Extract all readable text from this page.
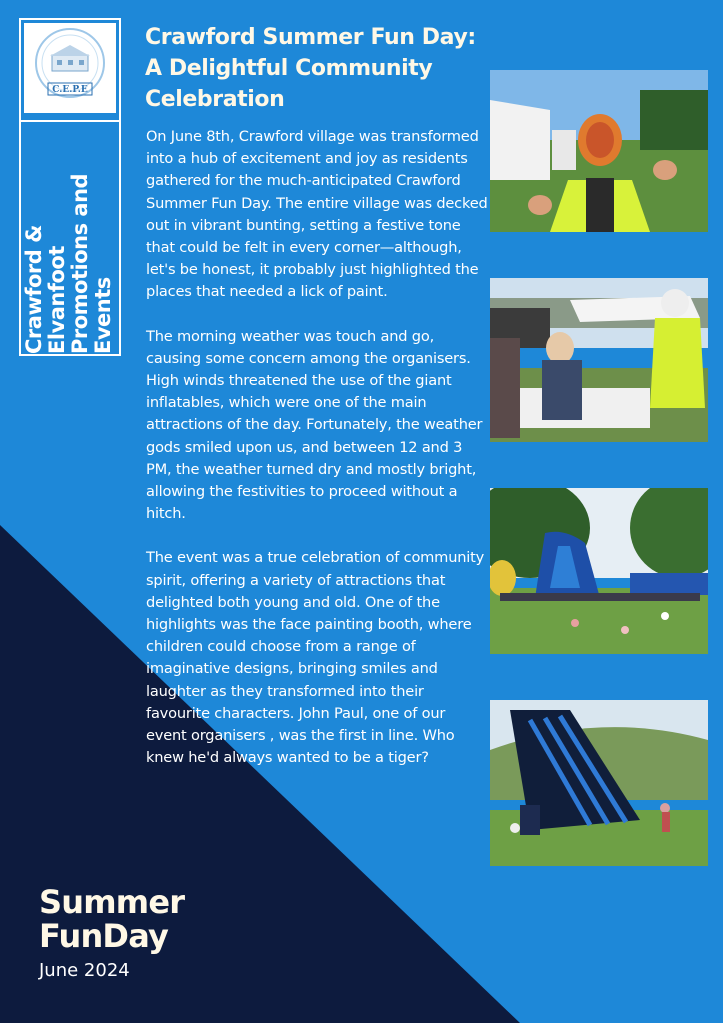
C.E.P.E
Crawford & Elvanfoot Promotions and Events
Crawford Summer Fun Day: A Delightful Community Celebration

On June 8th, Crawford village was transformed into a hub of excitement and joy as residents gathered for the much-anticipated Crawford Summer Fun Day. The entire village was decked out in vibrant bunting, setting a festive tone that could be felt in every corner—although, let's be honest, it probably just highlighted the places that needed a lick of paint.

The morning weather was touch and go, causing some concern among the organisers. High winds threatened the use of the giant inflatables, which were one of the main attractions of the day. Fortunately, the weather gods smiled upon us, and between 12 and 3 PM, the weather turned dry and mostly bright, allowing the festivities to proceed without a hitch.

The event was a true celebration of community spirit, offering a variety of attractions that delighted both young and old. One of the highlights was the face painting booth, where children could choose from a range of imaginative designs, bringing smiles and laughter as they transformed into their favourite characters. John Paul, one of our event organisers , was the first in line. Who knew he'd always wanted to be a tiger?

Summer FunDay
June 2024
